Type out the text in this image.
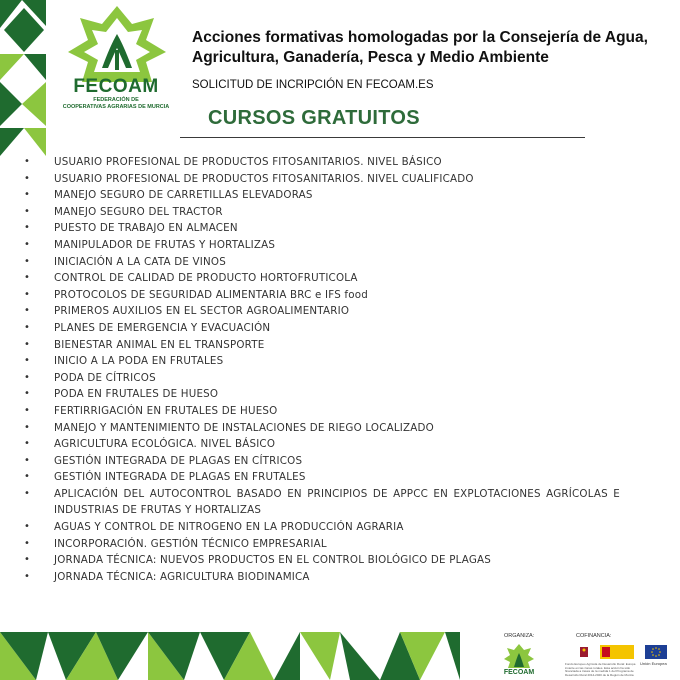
FECOAM
FEDERACIÓN DE
COOPERATIVAS AGRARIAS DE MURCIA
Acciones formativas homologadas por la Consejería de Agua, Agricultura, Ganadería, Pesca y Medio Ambiente
SOLICITUD DE INCRIPCIÓN EN FECOAM.ES
CURSOS GRATUITOS
• USUARIO PROFESIONAL DE PRODUCTOS FITOSANITARIOS. NIVEL BÁSICO
• USUARIO PROFESIONAL DE PRODUCTOS FITOSANITARIOS. NIVEL CUALIFICADO
• MANEJO SEGURO DE CARRETILLAS ELEVADORAS
• MANEJO SEGURO DEL TRACTOR
• PUESTO DE TRABAJO EN ALMACEN
• MANIPULADOR DE FRUTAS Y HORTALIZAS
• INICIACIÓN A LA CATA DE VINOS
• CONTROL DE CALIDAD DE PRODUCTO HORTOFRUTICOLA
• PROTOCOLOS DE SEGURIDAD ALIMENTARIA BRC e IFS food
• PRIMEROS AUXILIOS EN EL SECTOR AGROALIMENTARIO
• PLANES DE EMERGENCIA Y EVACUACIÓN
• BIENESTAR ANIMAL EN EL TRANSPORTE
• INICIO A LA PODA EN FRUTALES
• PODA DE CÍTRICOS
• PODA EN FRUTALES DE HUESO
• FERTIRRIGACIÓN EN FRUTALES DE HUESO
• MANEJO Y MANTENIMIENTO DE INSTALACIONES DE RIEGO LOCALIZADO
• AGRICULTURA ECOLÓGICA. NIVEL BÁSICO
• GESTIÓN INTEGRADA DE PLAGAS EN CÍTRICOS
• GESTIÓN INTEGRADA DE PLAGAS EN FRUTALES
• APLICACIÓN DEL AUTOCONTROL BASADO EN PRINCIPIOS DE APPCC EN EXPLOTACIONES AGRÍCOLAS E INDUSTRIAS DE FRUTAS Y HORTALIZAS
• AGUAS Y CONTROL DE NITROGENO EN LA PRODUCCIÓN AGRARIA
• INCORPORACIÓN. GESTIÓN TÉCNICO EMPRESARIAL
• JORNADA TÉCNICA: NUEVOS PRODUCTOS EN EL CONTROL BIOLÓGICO DE PLAGAS
• JORNADA TÉCNICA: AGRICULTURA BIODINAMICA
ORGANIZA:	COFINANCIA:
FECOAM
Unión Europea
Fondo Europeo Agrícola de Desarrollo Rural: Europa invierte en las zonas rurales. Esta acción ha sido financiada a través de la medida 1 del Programa de Desarrollo Rural 2014-2020 de la Región de Murcia
